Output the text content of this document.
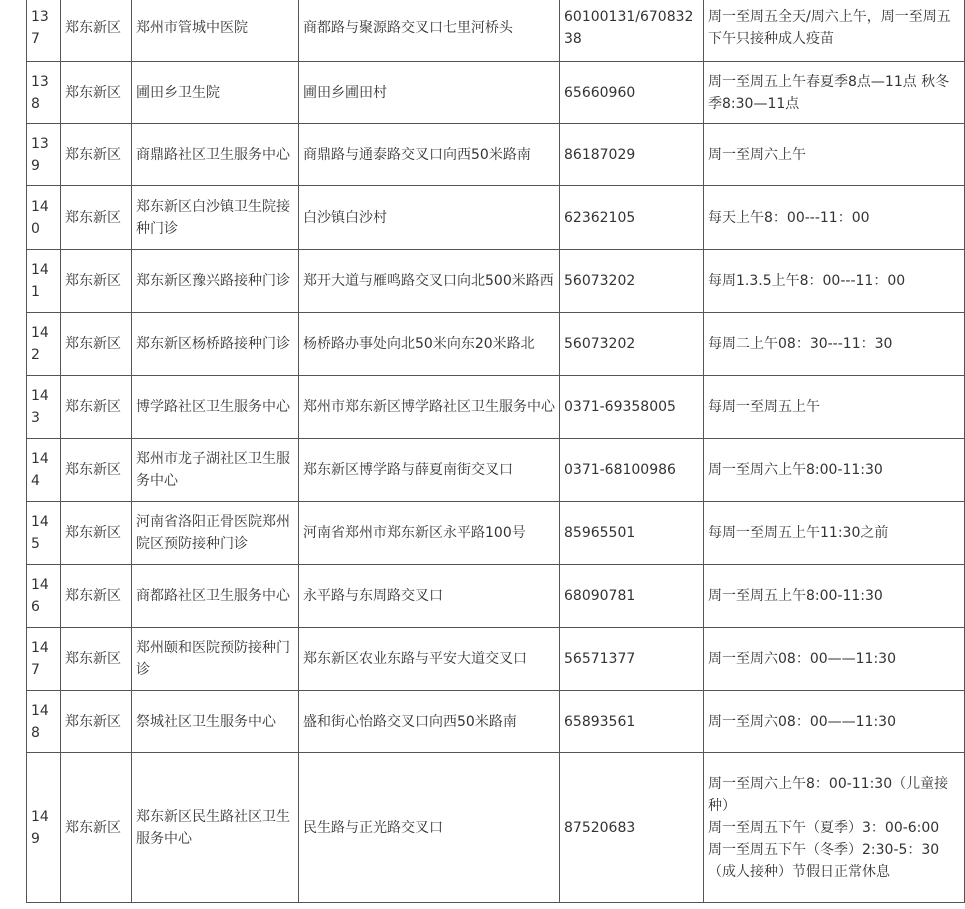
137	郑东新区	郑州市管城中医院	商都路与聚源路交叉口七里河桥头	60100131/67083238	周一至周五全天/周六上午，周一至周五下午只接种成人疫苗

138	郑东新区	圃田乡卫生院	圃田乡圃田村	65660960	周一至周五上午春夏季8点—11点 秋冬季8:30—11点

139	郑东新区	商鼎路社区卫生服务中心	商鼎路与通泰路交叉口向西50米路南	86187029	周一至周六上午

140	郑东新区	郑东新区白沙镇卫生院接种门诊	白沙镇白沙村	62362105	每天上午8：00---11：00

141	郑东新区	郑东新区豫兴路接种门诊	郑开大道与雁鸣路交叉口向北500米路西	56073202	每周1.3.5上午8：00---11：00

142	郑东新区	郑东新区杨桥路接种门诊	杨桥路办事处向北50米向东20米路北	56073202	每周二上午08：30---11：30

143	郑东新区	博学路社区卫生服务中心	郑州市郑东新区博学路社区卫生服务中心	0371-69358005	每周一至周五上午

144	郑东新区	郑州市龙子湖社区卫生服务中心	郑东新区博学路与薛夏南街交叉口	0371-68100986	周一至周六上午8:00-11:30

145	郑东新区	河南省洛阳正骨医院郑州院区预防接种门诊	河南省郑州市郑东新区永平路100号	85965501	每周一至周五上午11:30之前

146	郑东新区	商都路社区卫生服务中心	永平路与东周路交叉口	68090781	周一至周五上午8:00-11:30

147	郑东新区	郑州颐和医院预防接种门诊	郑东新区农业东路与平安大道交叉口	56571377	周一至周六08：00——11:30

148	郑东新区	祭城社区卫生服务中心	盛和街心怡路交叉口向西50米路南	65893561	周一至周六08：00——11:30

149	郑东新区	郑东新区民生路社区卫生服务中心	民生路与正光路交叉口	87520683	周一至周六上午8：00-11:30（儿童接种）
周一至周五下午（夏季）3：00-6:00
周一至周五下午（冬季）2:30-5：30（成人接种）节假日正常休息
